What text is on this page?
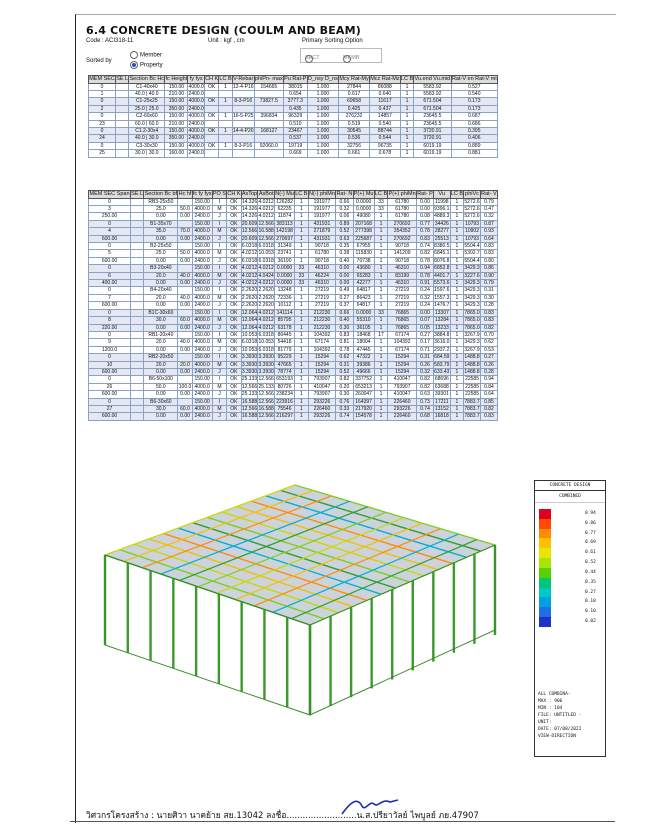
6.4 CONCRETE DESIGN (COULM AND BEAM)
Code : ACI318-11	Unit : kgf , cm	Primary Sorting Option
Sorted by
Member
Property
SECT	MEMB
MEM SEC	SE L	Section Bc Hc	fc Height	fy fys	CH K	LC B	V-Rebar	phiPn- max	Pu Rat-P	D_nsy D_ns	Mcy Rat-My	Mcz Rat-Mz	LC B	Vu.end Vu.mid	Rat-V en Rat-V mi
0		C1-40x40	150.00	4000.0	OK	1	12-4-P16	154665	38015	1.000	27844	86088	1	5583.92	0.527
1		40.0 | 40.0	210.00	2400.0					0.654	1.000	0.617	0.640	1	5583.92	0.540
0		C1-25x25	150.00	4000.0	OK	1	8-3-P16	73827.5	3777.3	1.000	69658	11617	1	671.504	0.173
2		25.0 | 25.0	350.00	2400.0					0.435	1.000	0.425	0.437	1	671.504	0.173
0		C2-60x60	150.00	4000.0	OK	1	16-5-P25	396834	96329	1.000	276232	14857	1	23645.5	0.687
23		60.0 | 60.0	210.00	2400.0					0.510	1.000	0.519	0.540	1	23645.5	0.686
0		C1.2-30x4	150.00	4000.0	OK	1	14-4-P20	168127	23467	1.000	30545	88744	1	3720.91	0.395
24		40.0 | 30.0	350.00	2400.0					0.537	1.000	0.536	0.544	1	3720.91	0.406
0		C3-30x30	150.00	4000.0	OK	1	8-3-P16	92060.0	19719	1.000	32756	96735	1	6019.19	0.889
25		30.0 | 30.0	160.00	2400.0					0.669	1.000	0.661	0.678	1	6019.19	0.881
MEM SEC Span	SE L	Section Bc bf	Hc hf	fc fy fys	PO S	CH K	AsTop	AsBot	N(-) Mu	LC B	N(-) phiMn	Rat- N	P(+) Mu	LC B	P(+) phiMn	Rat- P	Vu	LC B	phiVc	Rat- V
0		RB3-25x50		150.00	I	OK	14.326	4.0212	126282	1	191977	0.66	0.0000	33	61780	0.00	11998	1	5272.6	0.79
3		25.0	50.0	4000.0	M	OK	14.326	4.0212	62235	1	191977	0.32	0.0000	33	61780	0.00	9396.1	1	5272.6	0.47
250.00		0.00	0.00	2400.0	J	OK	14.326	4.0212	11874	1	191977	0.06	49080	1	61780	0.08	4889.3	1	5272.6	0.32
0		B1-35x70		150.00	I	OK	20.609	12.566	383113	1	431931	0.89	207168	1	270692	0.77	34426	1	10793	0.87
4		35.0	70.0	4000.0	M	OK	12.566	16.588	142198	1	271879	0.52	277398	1	354352	0.78	28277	1	10902	0.93
600.00		0.00	0.00	2400.0	J	OK	20.609	12.566	270697	1	431931	0.63	225687	1	270692	0.83	25513	1	10793	0.64
0		B2-25x50		150.00	I	OK	6.0318	6.0318	31349	1	90718	0.35	67955	1	90718	0.74	8380.5	1	5504.4	0.83
5		25.0	50.0	4000.0	M	OK	4.0212	10.053	23741	1	61780	0.38	115830	1	141209	0.82	6845.1	1	5302.7	0.83
600.00		0.00	0.00	2400.0	J	OK	6.0318	6.0318	36190	1	90718	0.40	70738	1	90718	0.78	8076.8	1	5504.4	0.80
0		B3-20x40		150.00	I	OK	4.0212	4.0212	0.0000	33	46310	0.00	43680	1	46310	0.94	6852.8	1	3429.3	0.86
6		20.0	40.0	4000.0	M	OK	4.0212	4.0424	0.0000	33	46224	0.00	65283	1	83199	0.78	4401.7	1	3227.6	0.90
400.00		0.00	0.00	2400.0	J	OK	4.0212	4.0212	0.0000	33	46310	0.00	42277	1	46310	0.91	5573.6	1	3429.3	0.79
0		B4-20x40		150.00	I	OK	2.2620	2.2620	13248	1	27219	0.49	64817	1	27219	0.24	1597.6	1	3429.3	0.31
7		20.0	40.0	4000.0	M	OK	2.2620	2.2620	72336	1	27219	0.27	86423	1	27219	0.32	1557.3	1	3429.3	0.30
600.00		0.00	0.00	2400.0	J	OK	2.2620	2.2620	10112	1	27219	0.37	64817	1	27219	0.24	1476.7	1	3429.3	0.28
0		B1C-30x60		150.00	I	OK	12.064	4.0212	141114	1	212230	0.66	0.0000	33	76865	0.00	13307	1	7865.0	0.83
8		30.0	60.0	4000.0	M	OK	12.064	4.0212	85795	1	212230	0.40	55310	1	76865	0.07	13284	1	7865.0	0.83
220.00		0.00	0.00	2400.0	J	OK	12.064	4.0212	63178	1	212230	0.30	36105	1	76865	0.05	13233	1	7865.0	0.82
0		RB1-20x40		150.00	I	OK	10.053	6.0318	86445	1	104392	0.83	18468	17	67174	0.27	3884.8	1	3267.9	0.70
9		20.0	40.0	4000.0	M	OK	6.0318	10.053	54418	1	67174	0.81	18004	1	104392	0.17	3616.0	1	3429.3	0.62
1200.0		0.00	0.00	2400.0	J	OK	10.053	6.0318	81779	1	104392	0.78	47445	1	67174	0.71	2937.2	1	3267.9	0.53
0		RB2-20x50		150.00	I	OK	3.3930	3.3930	95229	1	15294	0.62	47322	1	15294	0.31	684.59	1	1488.8	0.27
10		20.0	20.0	4000.0	M	OK	3.3930	3.3930	47665	1	15294	0.31	39386	1	15294	0.26	583.79	1	1488.8	0.26
600.00		0.00	0.00	2400.0	J	OK	3.3930	3.3930	78774	1	15294	0.52	49666	1	15294	0.32	633.43	1	1488.8	0.28
0		B6-50x100		150.00	I	OK	25.133	12.566	653193	1	793907	0.82	337752	1	410047	0.82	68696	1	22585	0.94
26		50.0	100.0	4000.0	M	OK	12.566	25.133	80726	1	410047	0.20	653213	1	793907	0.82	63688	1	22585	0.84
600.00		0.00	0.00	2400.0	J	OK	25.133	12.566	238234	1	793907	0.30	260047	1	410047	0.63	39301	1	22585	0.64
0		B6-30x60		150.00	I	OK	16.588	12.566	223916	1	293226	0.76	164397	1	226460	0.73	17211	1	7883.7	0.85
27		30.0	60.0	4000.0	M	OK	12.566	16.588	75546	1	226460	0.33	217920	1	293226	0.74	13152	1	7883.7	0.82
600.00		0.00	0.00	2400.0	J	OK	16.588	12.566	216297	1	293226	0.74	154578	1	226460	0.68	16818	1	7883.7	0.83
CONCRETE DESIGN
COMBINED
0.94
0.86
0.77
0.69
0.61
0.52
0.44
0.35
0.27
0.18
0.10
0.02
ALL COMBINA-
MAX : 906
MIN : 104
FILE: UNTITLED -
UNIT:
DATE: 07/08/2022
VIEW-DIRECTION
วิศวกรโครงสร้าง : นายศิวา นาคย้าย สย.13042 ลงชื่อ..........................น.ส.ปรียาวัลย์ ไพบูลย์ ภย.47907
